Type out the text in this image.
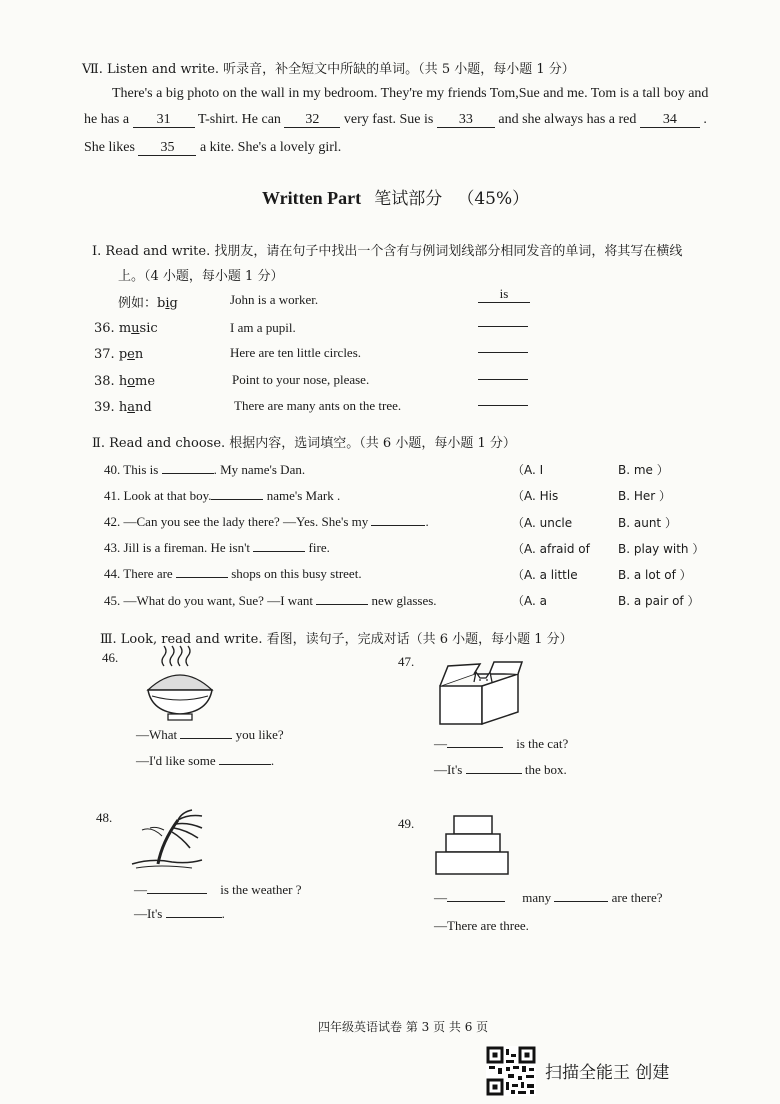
Ⅶ. Listen and write. 听录音，补全短文中所缺的单词。（共 5 小题，每小题 1 分）
There's a big photo on the wall in my bedroom. They're my friends Tom,Sue and me. Tom is a tall boy and
he has a 31 T-shirt. He can 32 very fast. Sue is 33 and she always has a red 34 .
She likes 35 a kite. She's a lovely girl.
Written Part 笔试部分 （45%）
Ⅰ. Read and write. 找朋友，请在句子中找出一个含有与例词划线部分相同发音的单词，将其写在横线
上。（4 小题，每小题 1 分）
例如：big	John is a worker.	is
36. music	I am a pupil.
37. pen	Here are ten little circles.
38. home	Point to your nose, please.
39. hand	There are many ants on the tree.
Ⅱ. Read and choose. 根据内容，选词填空。（共 6 小题，每小题 1 分）
40. This is	. My name's Dan.	（A. I	B. me ）
41. Look at that boy.	name's Mark .	（A. His	B. Her ）
42. —Can you see the lady there? —Yes. She's my	.	（A. uncle	B. aunt ）
43. Jill is a fireman. He isn't	fire.	（A. afraid of B. play with ）
44. There are	shops on this busy street.	（A. a little	B. a lot of ）
45. —What do you want, Sue? —I want	new glasses.	（A. a	B. a pair of ）
Ⅲ. Look, read and write. 看图，读句子，完成对话（共 6 小题，每小题 1 分）
46.
—What	you like?
—I'd like some	.
47.
—	is the cat?
—It's	the box.
48.
—	is the weather ?
—It's	.
49.
—	many	are there?
—There are three.
四年级英语试卷 第 3 页 共 6 页
扫描全能王 创建
